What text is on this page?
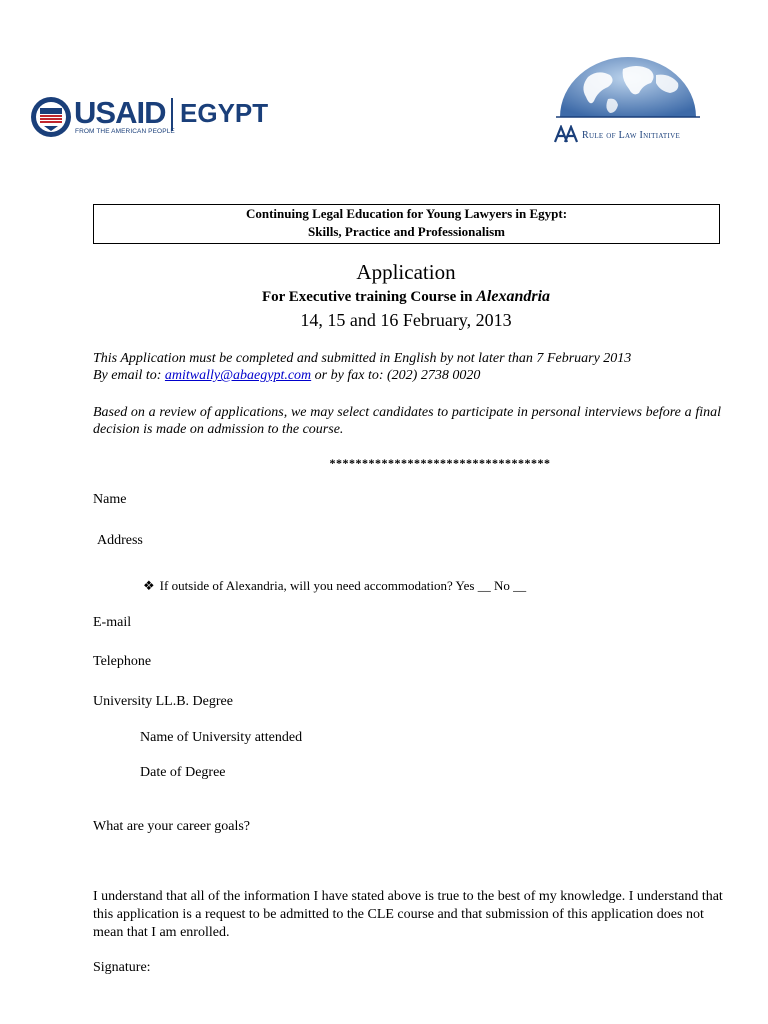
USAID EGYPT
FROM THE AMERICAN PEOPLE	Rule of Law Initiative
Continuing Legal Education for Young Lawyers in Egypt:
Skills, Practice and Professionalism
Application
For Executive training Course in Alexandria
14, 15 and 16 February, 2013
This Application must be completed and submitted in English by not later than 7 February 2013
By email to: amitwally@abaegypt.com or by fax to: (202) 2738 0020
Based on a review of applications, we may select candidates to participate in personal interviews before a final decision is made on admission to the course.
**********************************
Name
Address
❖ If outside of Alexandria, will you need accommodation? Yes __ No __
E-mail
Telephone
University LL.B. Degree
Name of University attended
Date of Degree
What are your career goals?
I understand that all of the information I have stated above is true to the best of my knowledge. I understand that this application is a request to be admitted to the CLE course and that submission of this application does not mean that I am enrolled.
Signature:
